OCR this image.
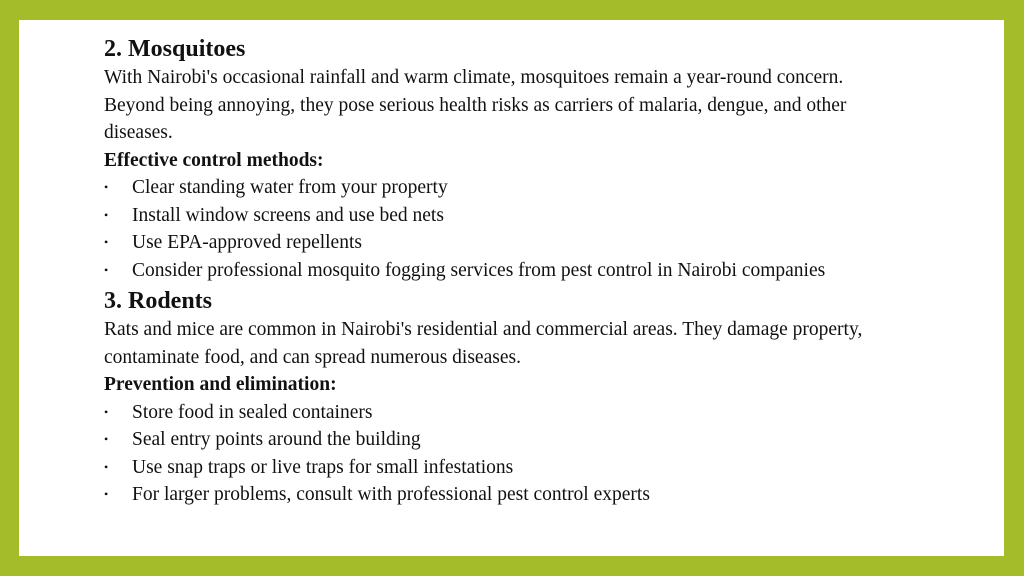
2. Mosquitoes

With Nairobi's occasional rainfall and warm climate, mosquitoes remain a year-round concern. Beyond being annoying, they pose serious health risks as carriers of malaria, dengue, and other diseases.

Effective control methods:

• Clear standing water from your property
• Install window screens and use bed nets
• Use EPA-approved repellents
• Consider professional mosquito fogging services from pest control in Nairobi companies
3. Rodents

Rats and mice are common in Nairobi's residential and commercial areas. They damage property, contaminate food, and can spread numerous diseases.

Prevention and elimination:

• Store food in sealed containers
• Seal entry points around the building
• Use snap traps or live traps for small infestations
• For larger problems, consult with professional pest control experts
